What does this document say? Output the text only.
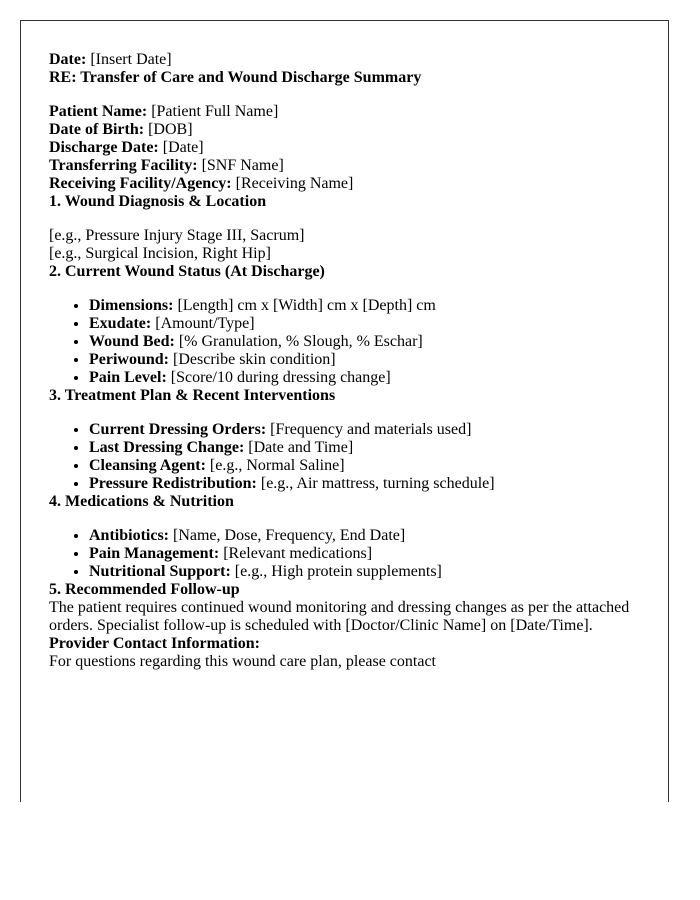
Date: [Insert Date]

RE: Transfer of Care and Wound Discharge Summary

Patient Name: [Patient Full Name]

Date of Birth: [DOB]

Discharge Date: [Date]

Transferring Facility: [SNF Name]

Receiving Facility/Agency: [Receiving Name]

1. Wound Diagnosis & Location

[e.g., Pressure Injury Stage III, Sacrum]

[e.g., Surgical Incision, Right Hip]

2. Current Wound Status (At Discharge)

• Dimensions: [Length] cm x [Width] cm x [Depth] cm
• Exudate: [Amount/Type]
• Wound Bed: [% Granulation, % Slough, % Eschar]
• Periwound: [Describe skin condition]
• Pain Level: [Score/10 during dressing change]

3. Treatment Plan & Recent Interventions

• Current Dressing Orders: [Frequency and materials used]
• Last Dressing Change: [Date and Time]
• Cleansing Agent: [e.g., Normal Saline]
• Pressure Redistribution: [e.g., Air mattress, turning schedule]

4. Medications & Nutrition

• Antibiotics: [Name, Dose, Frequency, End Date]
• Pain Management: [Relevant medications]
• Nutritional Support: [e.g., High protein supplements]

5. Recommended Follow-up

The patient requires continued wound monitoring and dressing changes as per the attached orders. Specialist follow-up is scheduled with [Doctor/Clinic Name] on [Date/Time].

Provider Contact Information:

For questions regarding this wound care plan, please contact
